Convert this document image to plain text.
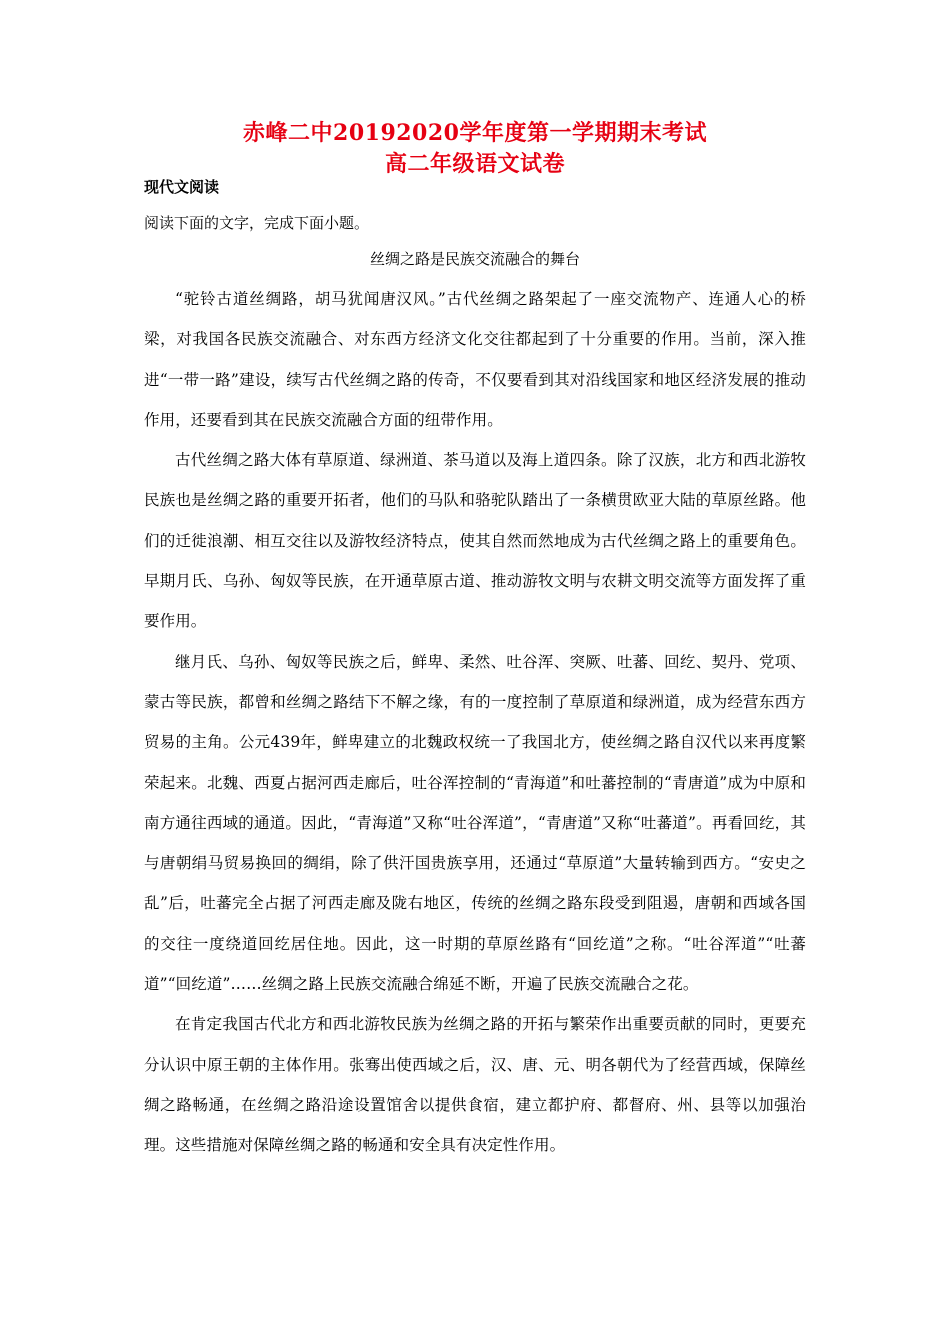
赤峰二中20192020学年度第一学期期末考试
高二年级语文试卷
现代文阅读
阅读下面的文字，完成下面小题。
丝绸之路是民族交流融合的舞台

“驼铃古道丝绸路，胡马犹闻唐汉风。”古代丝绸之路架起了一座交流物产、连通人心的桥梁，对我国各民族交流融合、对东西方经济文化交往都起到了十分重要的作用。当前，深入推进“一带一路”建设，续写古代丝绸之路的传奇，不仅要看到其对沿线国家和地区经济发展的推动作用，还要看到其在民族交流融合方面的纽带作用。

古代丝绸之路大体有草原道、绿洲道、茶马道以及海上道四条。除了汉族，北方和西北游牧民族也是丝绸之路的重要开拓者，他们的马队和骆驼队踏出了一条横贯欧亚大陆的草原丝路。他们的迁徙浪潮、相互交往以及游牧经济特点，使其自然而然地成为古代丝绸之路上的重要角色。早期月氏、乌孙、匈奴等民族，在开通草原古道、推动游牧文明与农耕文明交流等方面发挥了重要作用。

继月氏、乌孙、匈奴等民族之后，鲜卑、柔然、吐谷浑、突厥、吐蕃、回纥、契丹、党项、蒙古等民族，都曾和丝绸之路结下不解之缘，有的一度控制了草原道和绿洲道，成为经营东西方贸易的主角。公元439年，鲜卑建立的北魏政权统一了我国北方，使丝绸之路自汉代以来再度繁荣起来。北魏、西夏占据河西走廊后，吐谷浑控制的“青海道”和吐蕃控制的“青唐道”成为中原和南方通往西域的通道。因此，“青海道”又称“吐谷浑道”，“青唐道”又称“吐蕃道”。再看回纥，其与唐朝绢马贸易换回的绸绢，除了供汗国贵族享用，还通过“草原道”大量转输到西方。“安史之乱”后，吐蕃完全占据了河西走廊及陇右地区，传统的丝绸之路东段受到阻遏，唐朝和西域各国的交往一度绕道回纥居住地。因此，这一时期的草原丝路有“回纥道”之称。“吐谷浑道”“吐蕃道”“回纥道”……丝绸之路上民族交流融合绵延不断，开遍了民族交流融合之花。

在肯定我国古代北方和西北游牧民族为丝绸之路的开拓与繁荣作出重要贡献的同时，更要充分认识中原王朝的主体作用。张骞出使西域之后，汉、唐、元、明各朝代为了经营西域，保障丝绸之路畅通，在丝绸之路沿途设置馆舍以提供食宿，建立都护府、都督府、州、县等以加强治理。这些措施对保障丝绸之路的畅通和安全具有决定性作用。
